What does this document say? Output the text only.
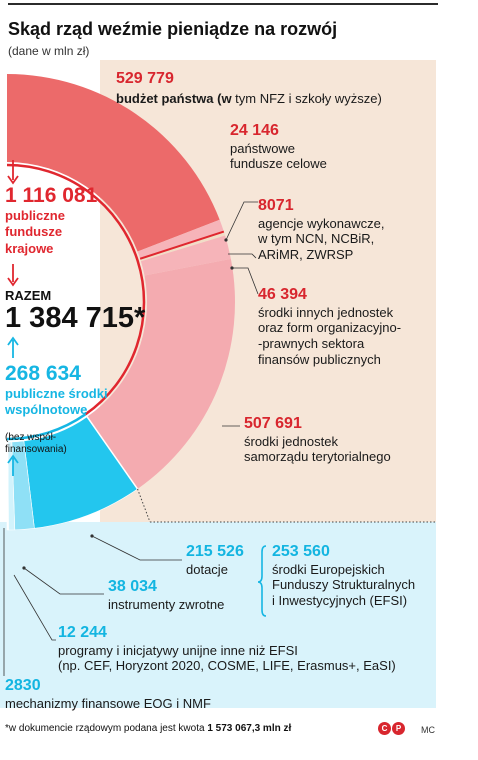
Skąd rząd weźmie pieniądze na rozwój
(dane w mln zł)
1 116 081
publiczne fundusze krajowe
RAZEM
1 384 715*
268 634
publiczne środki wspólnotowe
(bez współ-finansowania)
529 779
budżet państwa (w tym NFZ i szkoły wyższe)
24 146
państwowe
fundusze celowe
8071
agencje wykonawcze,
w tym NCN, NCBiR,
ARiMR, ZWRSP
46 394
środki innych jednostek
oraz form organizacyjno-
-prawnych sektora
finansów publicznych
507 691
środki jednostek
samorządu terytorialnego
215 526
dotacje
253 560
środki Europejskich
Funduszy Strukturalnych
i Inwestycyjnych (EFSI)
38 034
instrumenty zwrotne
12 244
programy i inicjatywy unijne inne niż EFSI
(np. CEF, Horyzont 2020, COSME, LIFE, Erasmus+, EaSI)
2830
mechanizmy finansowe EOG i NMF
*w dokumencie rządowym podana jest kwota 1 573 067,3 mln zł	C P	MC
